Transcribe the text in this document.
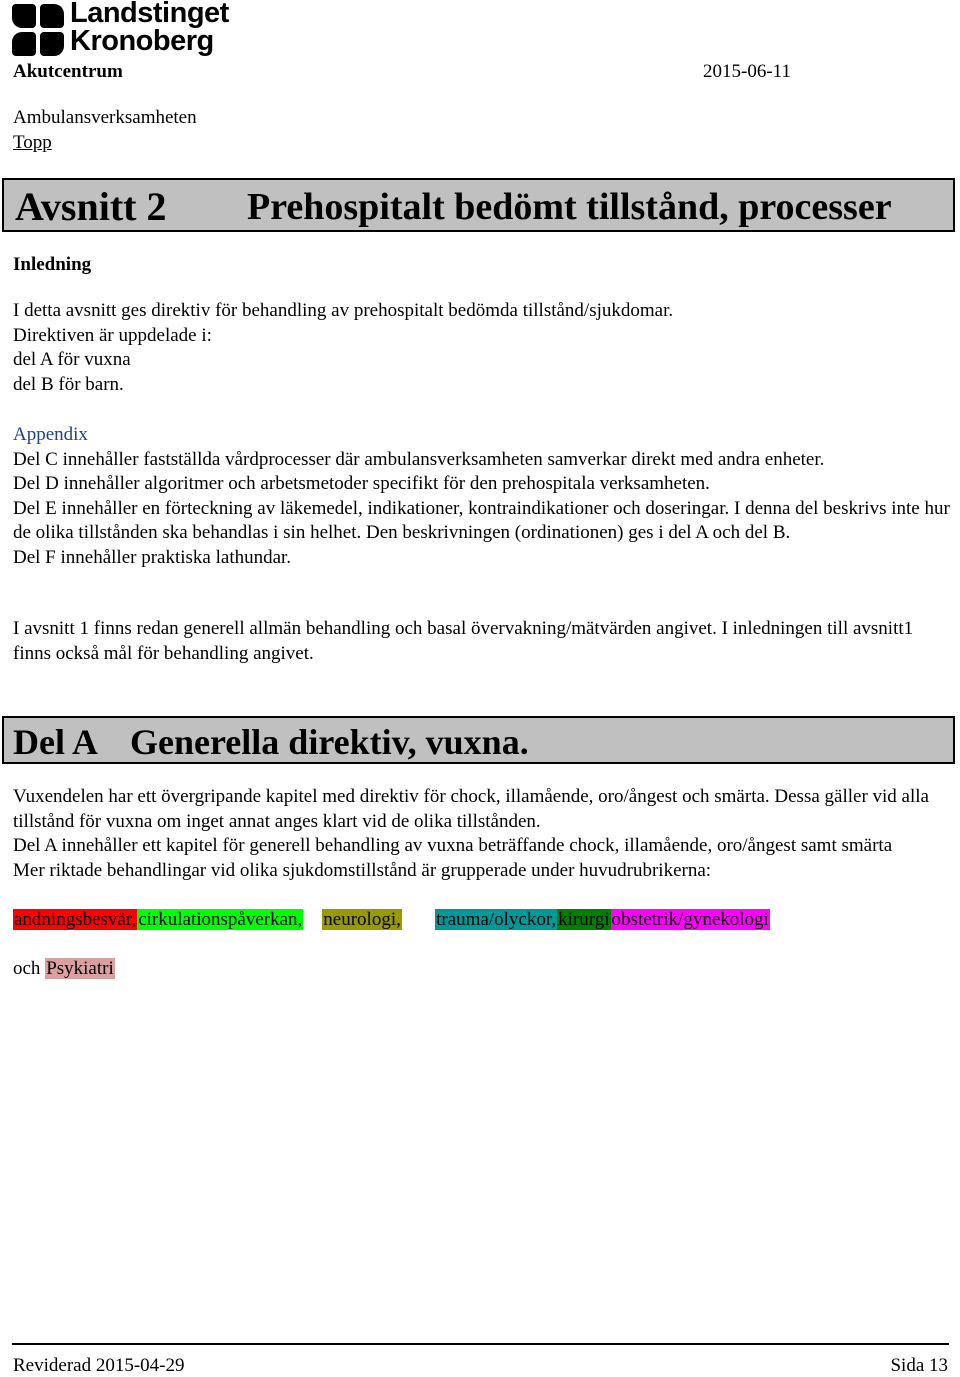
Landstinget
Kronoberg
Akutcentrum	2015-06-11
Ambulansverksamheten
Topp
Avsnitt 2 Prehospitalt bedömt tillstånd, processer
Inledning

I detta avsnitt ges direktiv för behandling av prehospitalt bedömda tillstånd/sjukdomar.

Direktiven är uppdelade i:

del A för vuxna

del B för barn.

Appendix

Del C innehåller fastställda vårdprocesser där ambulansverksamheten samverkar direkt med andra enheter.

Del D innehåller algoritmer och arbetsmetoder specifikt för den prehospitala verksamheten.

Del E innehåller en förteckning av läkemedel, indikationer, kontraindikationer och doseringar. I denna del beskrivs inte hur de olika tillstånden ska behandlas i sin helhet. Den beskrivningen (ordinationen) ges i del A och del B.

Del F innehåller praktiska lathundar.

I avsnitt 1 finns redan generell allmän behandling och basal övervakning/mätvärden angivet. I inledningen till avsnitt1 finns också mål för behandling angivet.
Del A Generella direktiv, vuxna.

Vuxendelen har ett övergripande kapitel med direktiv för chock, illamående, oro/ångest och smärta. Dessa gäller vid alla tillstånd för vuxna om inget annat anges klart vid de olika tillstånden.

Del A innehåller ett kapitel för generell behandling av vuxna beträffande chock, illamående, oro/ångest samt smärta

Mer riktade behandlingar vid olika sjukdomstillstånd är grupperade under huvudrubrikerna:

andningsbesvär, cirkulationspåverkan, neurologi, trauma/olyckor, kirurgi obstetrik/gynekologi
och Psykiatri
Reviderad 2015-04-29	Sida 13
